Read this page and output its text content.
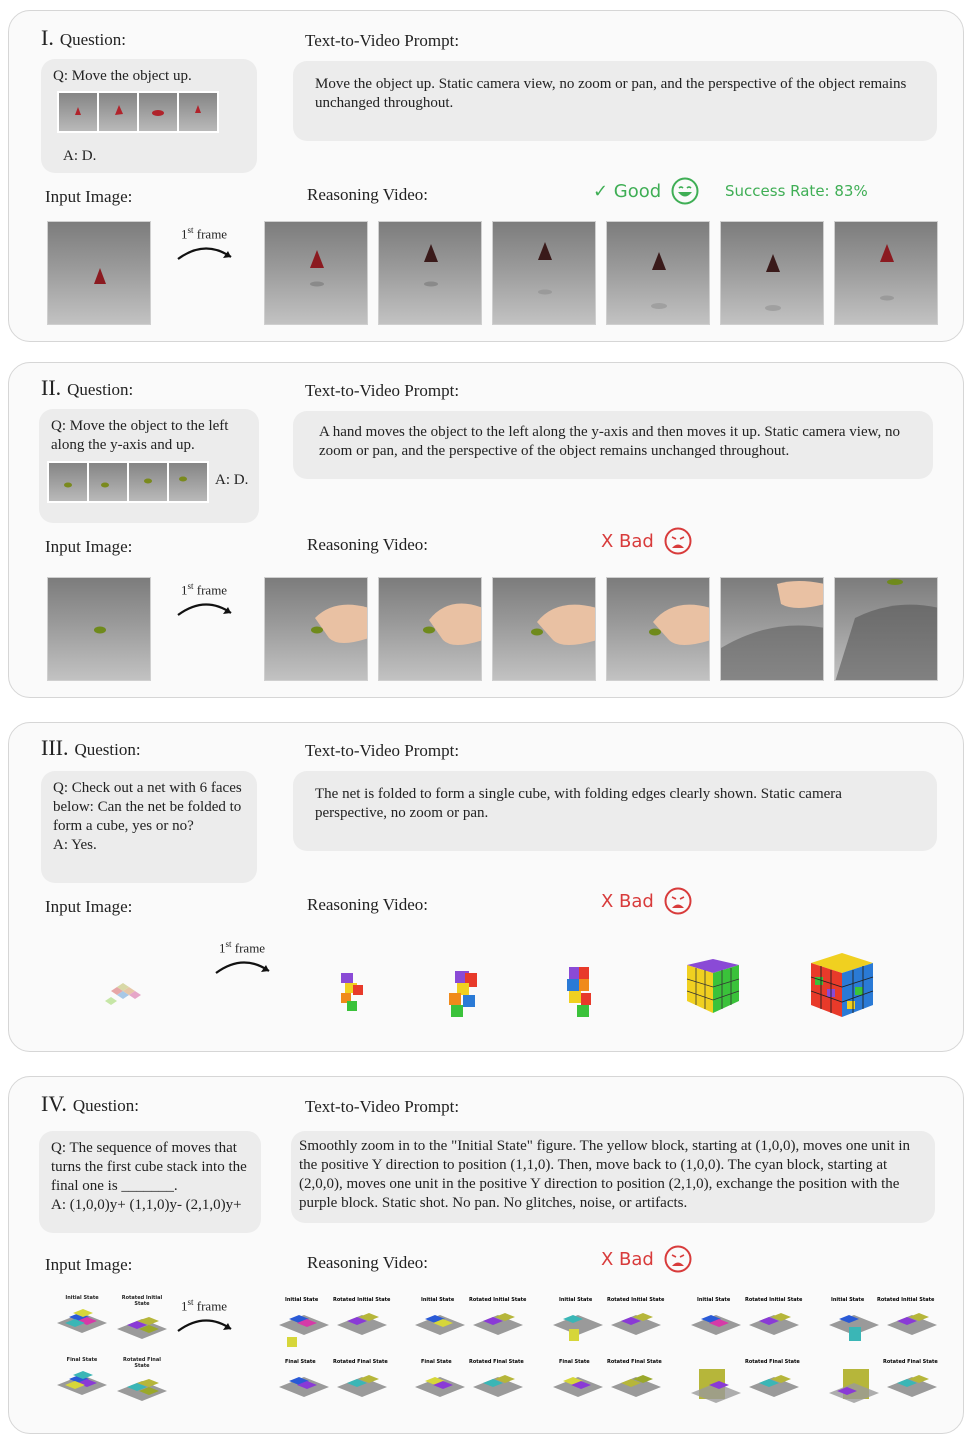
I. Question:
Q: Move the object up.
A: D.
Text-to-Video Prompt:
Move the object up. Static camera view, no zoom or pan, and the perspective of the object remains unchanged throughout.
Input Image:	Reasoning Video:	✓ Good	Success Rate: 83%
1st frame
II. Question:
Q: Move the object to the left along the y-axis and up.
A: D.
Text-to-Video Prompt:
A hand moves the object to the left along the y-axis and then moves it up. Static camera view, no zoom or pan, and the perspective of the object remains unchanged throughout.
Input Image:	Reasoning Video:	X Bad
1st frame
III. Question:
Q: Check out a net with 6 faces below: Can the net be folded to form a cube, yes or no?
A: Yes.
Text-to-Video Prompt:
The net is folded to form a single cube, with folding edges clearly shown. Static camera perspective, no zoom or pan.
Input Image:	Reasoning Video:	X Bad
1st frame
IV. Question:
Q: The sequence of moves that turns the first cube stack into the final one is _______.
A: (1,0,0)y+ (1,1,0)y- (2,1,0)y+
Text-to-Video Prompt:
Smoothly zoom in to the "Initial State" figure. The yellow block, starting at (1,0,0), moves one unit in the positive Y direction to position (1,1,0). Then, move back to (1,0,0). The cyan block, starting at (2,0,0), moves one unit in the positive Y direction to position (2,1,0), exchange the position with the purple block. Static shot. No pan. No glitches, noise, or artifacts.
Input Image:	Reasoning Video:	X Bad
1st frame
Initial State	Rotated Initial State
Final State	Rotated Final State
Initial State	Rotated Initial State
Final State	Rotated Final State
Initial State	Rotated Initial State
Final State	Rotated Final State
Initial State	Rotated Initial State
Final State	Rotated Final State
Initial State	Rotated Initial State
Rotated Final State
Initial State	Rotated Initial State
Rotated Final State
